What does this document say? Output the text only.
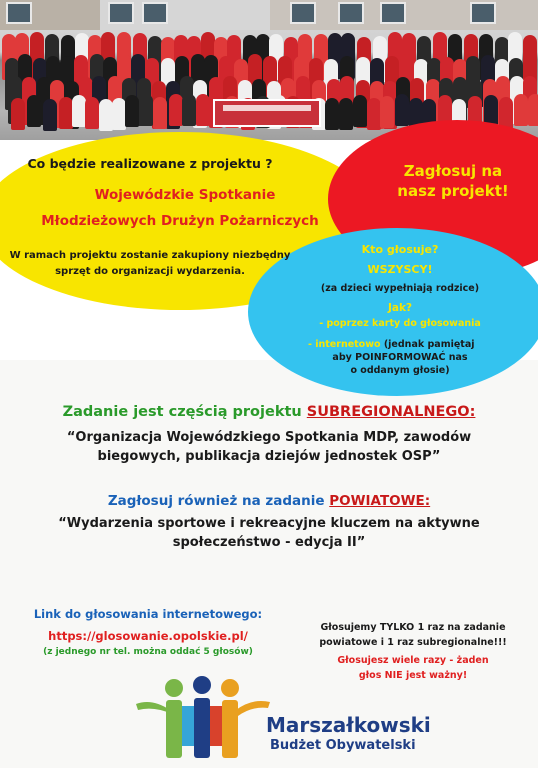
Co będzie realizowane z projektu ?
Wojewódzkie Spotkanie
Młodzieżowych Drużyn Pożarniczych
W ramach projektu zostanie zakupiony niezbędny
sprzęt do organizacji wydarzenia.
Zagłosuj na
nasz projekt!
Kto głosuje?
WSZYSCY!
(za dzieci wypełniają rodzice)
Jak?
- poprzez karty do głosowania
- internetowo (jednak pamiętaj
aby POINFORMOWAĆ nas
o oddanym głosie)
Zadanie jest częścią projektu SUBREGIONALNEGO:
“Organizacja Wojewódzkiego Spotkania MDP, zawodów
biegowych, publikacja dziejów jednostek OSP”
Zagłosuj również na zadanie POWIATOWE:
“Wydarzenia sportowe i rekreacyjne kluczem na aktywne
społeczeństwo - edycja II”
Link do głosowania internetowego:
https://glosowanie.opolskie.pl/
(z jednego nr tel. można oddać 5 głosów)
Głosujemy TYLKO 1 raz na zadanie
powiatowe i 1 raz subregionalne!!!
Głosujesz wiele razy - żaden
głos NIE jest ważny!
Marszałkowski
Budżet Obywatelski
